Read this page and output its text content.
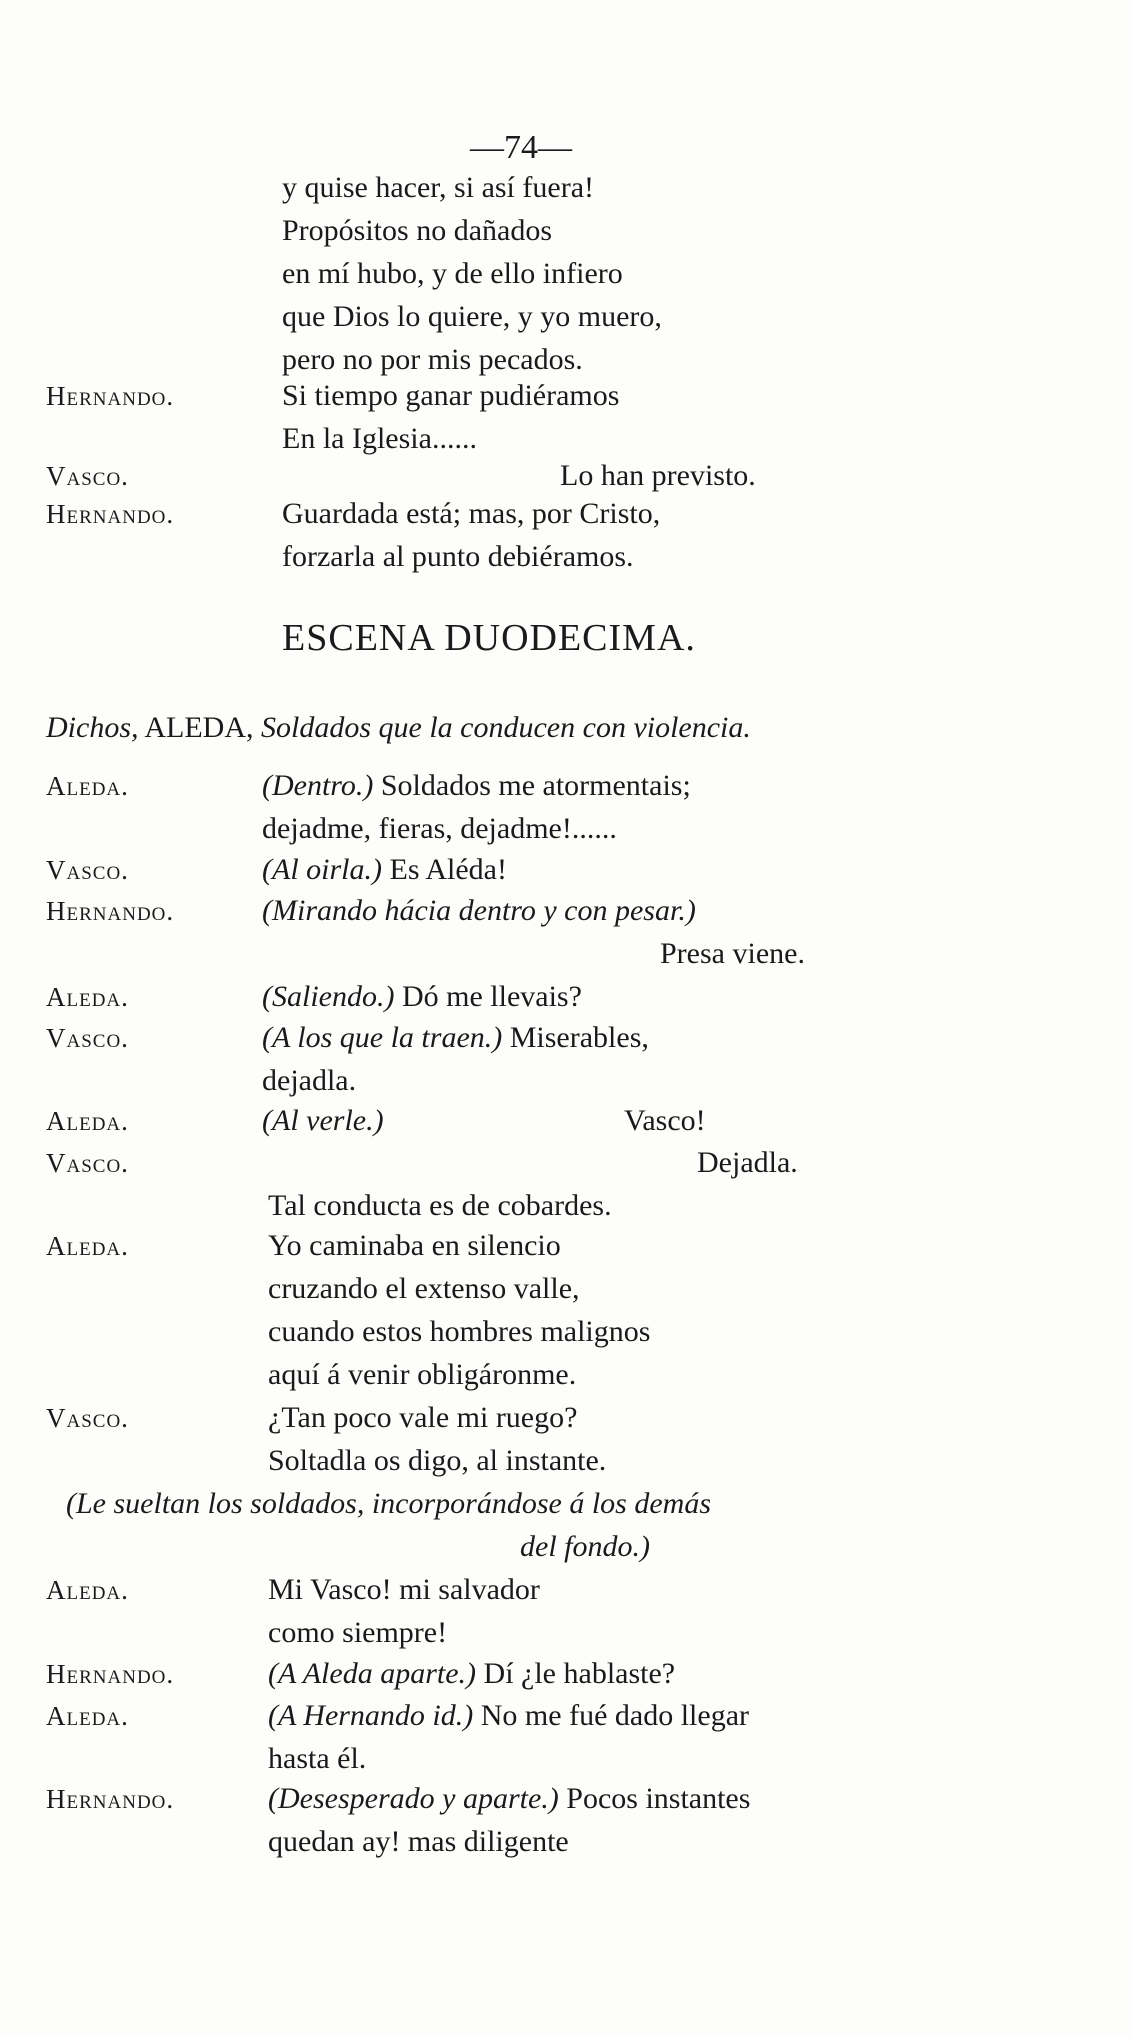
—74—
y quise hacer, si así fuera!
Propósitos no dañados
en mí hubo, y de ello infiero
que Dios lo quiere, y yo muero,
pero no por mis pecados.
Hernando.	Si tiempo ganar pudiéramos
En la Iglesia......
Vasco.	Lo han previsto.
Hernando.	Guardada está; mas, por Cristo,
forzarla al punto debiéramos.
ESCENA DUODECIMA.
Dichos, ALEDA, Soldados que la conducen con violencia.
Aleda.	(Dentro.) Soldados me atormentais;
dejadme, fieras, dejadme!......
Vasco.	(Al oirla.) Es Aléda!
Hernando.	(Mirando hácia dentro y con pesar.)
Presa viene.
Aleda.	(Saliendo.) Dó me llevais?
Vasco.	(A los que la traen.) Miserables,
dejadla.
Aleda.	(Al verle.)	Vasco!
Vasco.	Dejadla.
Tal conducta es de cobardes.
Aleda.	Yo caminaba en silencio
cruzando el extenso valle,
cuando estos hombres malignos
aquí á venir obligáronme.
Vasco.	¿Tan poco vale mi ruego?
Soltadla os digo, al instante.
(Le sueltan los soldados, incorporándose á los demás
del fondo.)
Aleda.	Mi Vasco! mi salvador
como siempre!
Hernando.	(A Aleda aparte.) Dí ¿le hablaste?
Aleda.	(A Hernando id.) No me fué dado llegar
hasta él.
Hernando.	(Desesperado y aparte.) Pocos instantes
quedan ay! mas diligente
